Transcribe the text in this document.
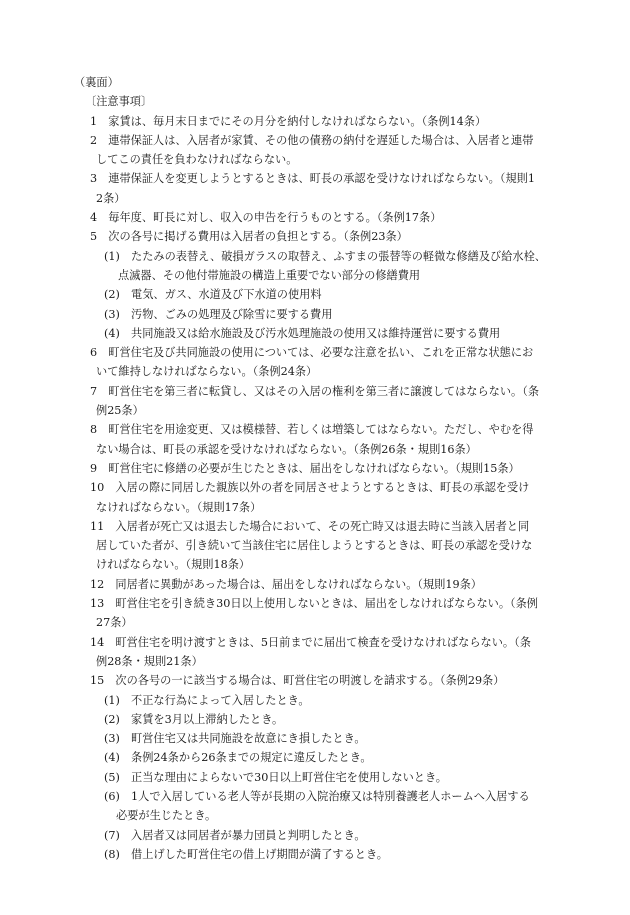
（裏面）
〔注意事項〕
1　家賃は、毎月末日までにその月分を納付しなければならない。（条例14条）
2　連帯保証人は、入居者が家賃、その他の債務の納付を遅延した場合は、入居者と連帯
してこの責任を負わなければならない。
3　連帯保証人を変更しようとするときは、町長の承認を受けなければならない。（規則1
2条）
4　毎年度、町長に対し、収入の申告を行うものとする。（条例17条）
5　次の各号に掲げる費用は入居者の負担とする。（条例23条）
(1)　たたみの表替え、破損ガラスの取替え、ふすまの張替等の軽微な修繕及び給水栓、
点滅器、その他付帯施設の構造上重要でない部分の修繕費用
(2)　電気、ガス、水道及び下水道の使用料
(3)　汚物、ごみの処理及び除雪に要する費用
(4)　共同施設又は給水施設及び汚水処理施設の使用又は維持運営に要する費用
6　町営住宅及び共同施設の使用については、必要な注意を払い、これを正常な状態にお
いて維持しなければならない。（条例24条）
7　町営住宅を第三者に転貸し、又はその入居の権利を第三者に譲渡してはならない。（条
例25条）
8　町営住宅を用途変更、又は模様替、若しくは増築してはならない。ただし、やむを得
ない場合は、町長の承認を受けなければならない。（条例26条・規則16条）
9　町営住宅に修繕の必要が生じたときは、届出をしなければならない。（規則15条）
10　入居の際に同居した親族以外の者を同居させようとするときは、町長の承認を受け
なければならない。（規則17条）
11　入居者が死亡又は退去した場合において、その死亡時又は退去時に当該入居者と同
居していた者が、引き続いて当該住宅に居住しようとするときは、町長の承認を受けな
ければならない。（規則18条）
12　同居者に異動があった場合は、届出をしなければならない。（規則19条）
13　町営住宅を引き続き30日以上使用しないときは、届出をしなければならない。（条例
27条）
14　町営住宅を明け渡すときは、5日前までに届出て検査を受けなければならない。（条
例28条・規則21条）
15　次の各号の一に該当する場合は、町営住宅の明渡しを請求する。（条例29条）
(1)　不正な行為によって入居したとき。
(2)　家賃を3月以上滞納したとき。
(3)　町営住宅又は共同施設を故意にき損したとき。
(4)　条例24条から26条までの規定に違反したとき。
(5)　正当な理由によらないで30日以上町営住宅を使用しないとき。
(6)　1人で入居している老人等が長期の入院治療又は特別養護老人ホームへ入居する
必要が生じたとき。
(7)　入居者又は同居者が暴力団員と判明したとき。
(8)　借上げした町営住宅の借上げ期間が満了するとき。
